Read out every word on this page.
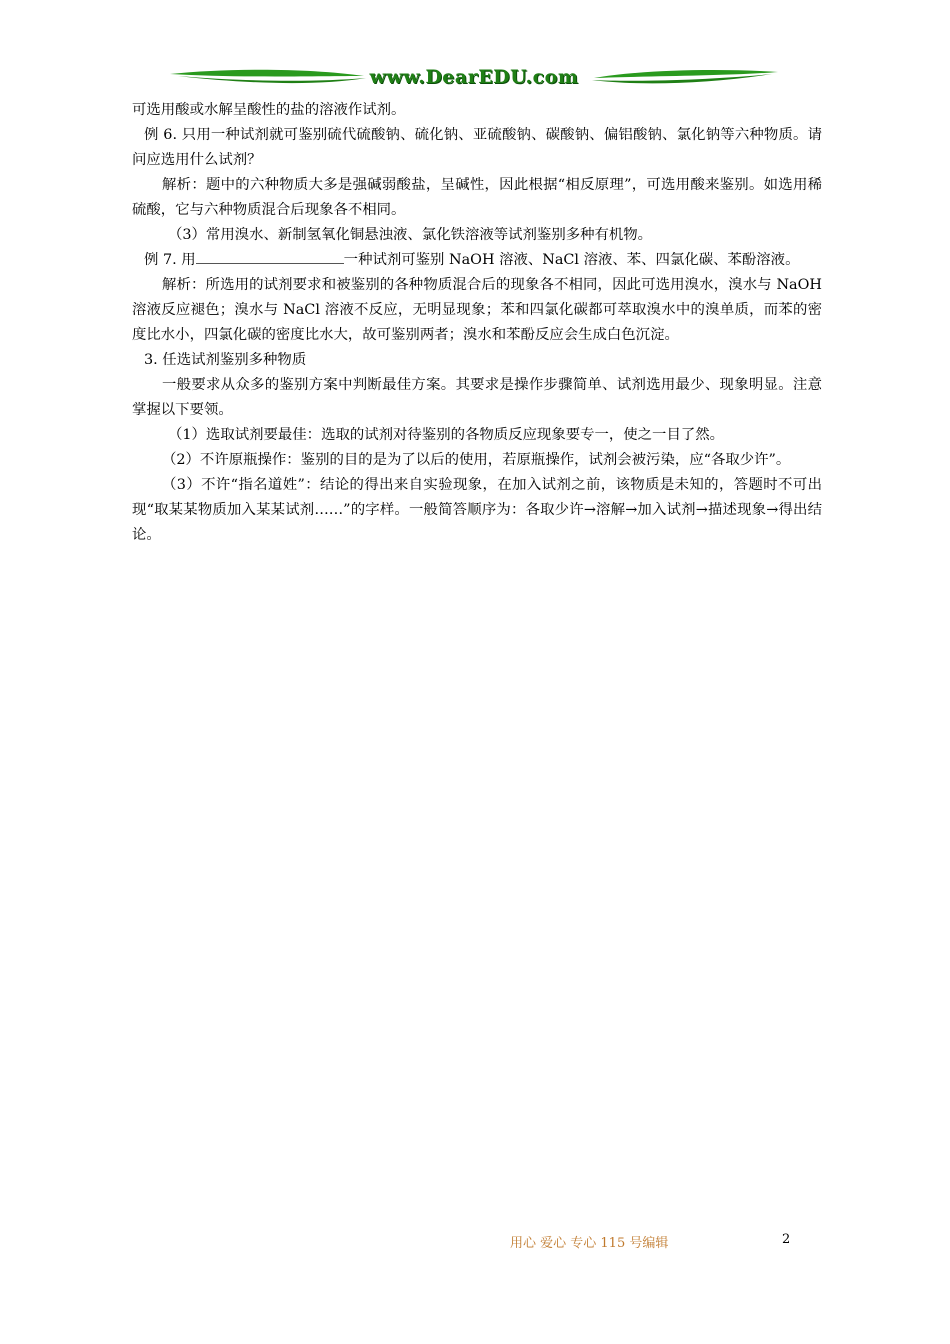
www.DearEDU.com

可选用酸或水解呈酸性的盐的溶液作试剂。

例 6. 只用一种试剂就可鉴别硫代硫酸钠、硫化钠、亚硫酸钠、碳酸钠、偏铝酸钠、氯化钠等六种物质。请问应选用什么试剂？

解析：题中的六种物质大多是强碱弱酸盐，呈碱性，因此根据“相反原理”，可选用酸来鉴别。如选用稀硫酸，它与六种物质混合后现象各不相同。

（3）常用溴水、新制氢氧化铜悬浊液、氯化铁溶液等试剂鉴别多种有机物。

例 7. 用	一种试剂可鉴别 NaOH 溶液、NaCl 溶液、苯、四氯化碳、苯酚溶液。

解析：所选用的试剂要求和被鉴别的各种物质混合后的现象各不相同，因此可选用溴水，溴水与 NaOH 溶液反应褪色；溴水与 NaCl 溶液不反应，无明显现象；苯和四氯化碳都可萃取溴水中的溴单质，而苯的密度比水小，四氯化碳的密度比水大，故可鉴别两者；溴水和苯酚反应会生成白色沉淀。

3. 任选试剂鉴别多种物质

一般要求从众多的鉴别方案中判断最佳方案。其要求是操作步骤简单、试剂选用最少、现象明显。注意掌握以下要领。

（1）选取试剂要最佳：选取的试剂对待鉴别的各物质反应现象要专一，使之一目了然。

（2）不许原瓶操作：鉴别的目的是为了以后的使用，若原瓶操作，试剂会被污染，应“各取少许”。

（3）不许“指名道姓”：结论的得出来自实验现象，在加入试剂之前，该物质是未知的，答题时不可出现“取某某物质加入某某试剂……”的字样。一般简答顺序为：各取少许→溶解→加入试剂→描述现象→得出结论。

用心 爱心 专心 115 号编辑	2
